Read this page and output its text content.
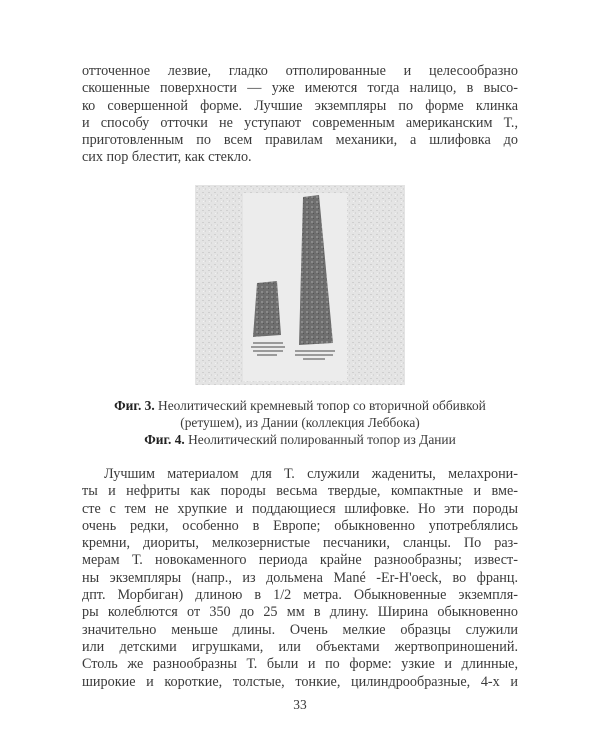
отточенное лезвие, гладко отполированные и целесообразно
скошенные поверхности — уже имеются тогда налицо, в высо-
ко совершенной форме. Лучшие экземпляры по форме клинка
и способу отточки не уступают современным американским Т.,
приготовленным по всем правилам механики, а шлифовка до
сих пор блестит, как стекло.
Фиг. 3. Неолитический кремневый топор со вторичной оббивкой
(ретушем), из Дании (коллекция Леббока)
Фиг. 4. Неолитический полированный топор из Дании
Лучшим материалом для Т. служили жадениты, мелахрони-
ты и нефриты как породы весьма твердые, компактные и вме-
сте с тем не хрупкие и поддающиеся шлифовке. Но эти породы
очень редки, особенно в Европе; обыкновенно употреблялись
кремни, диориты, мелкозернистые песчаники, сланцы. По раз-
мерам Т. новокаменного периода крайне разнообразны; извест-
ны экземпляры (напр., из дольмена Mané -Er-H'oeck, во франц.
дпт. Морбиган) длиною в 1/2 метра. Обыкновенные экземпля-
ры колеблются от 350 до 25 мм в длину. Ширина обыкновенно
значительно меньше длины. Очень мелкие образцы служили
или детскими игрушками, или объектами жертвоприношений.
Столь же разнообразны Т. были и по форме: узкие и длинные,
широкие и короткие, толстые, тонкие, цилиндрообразные, 4-х и
33
